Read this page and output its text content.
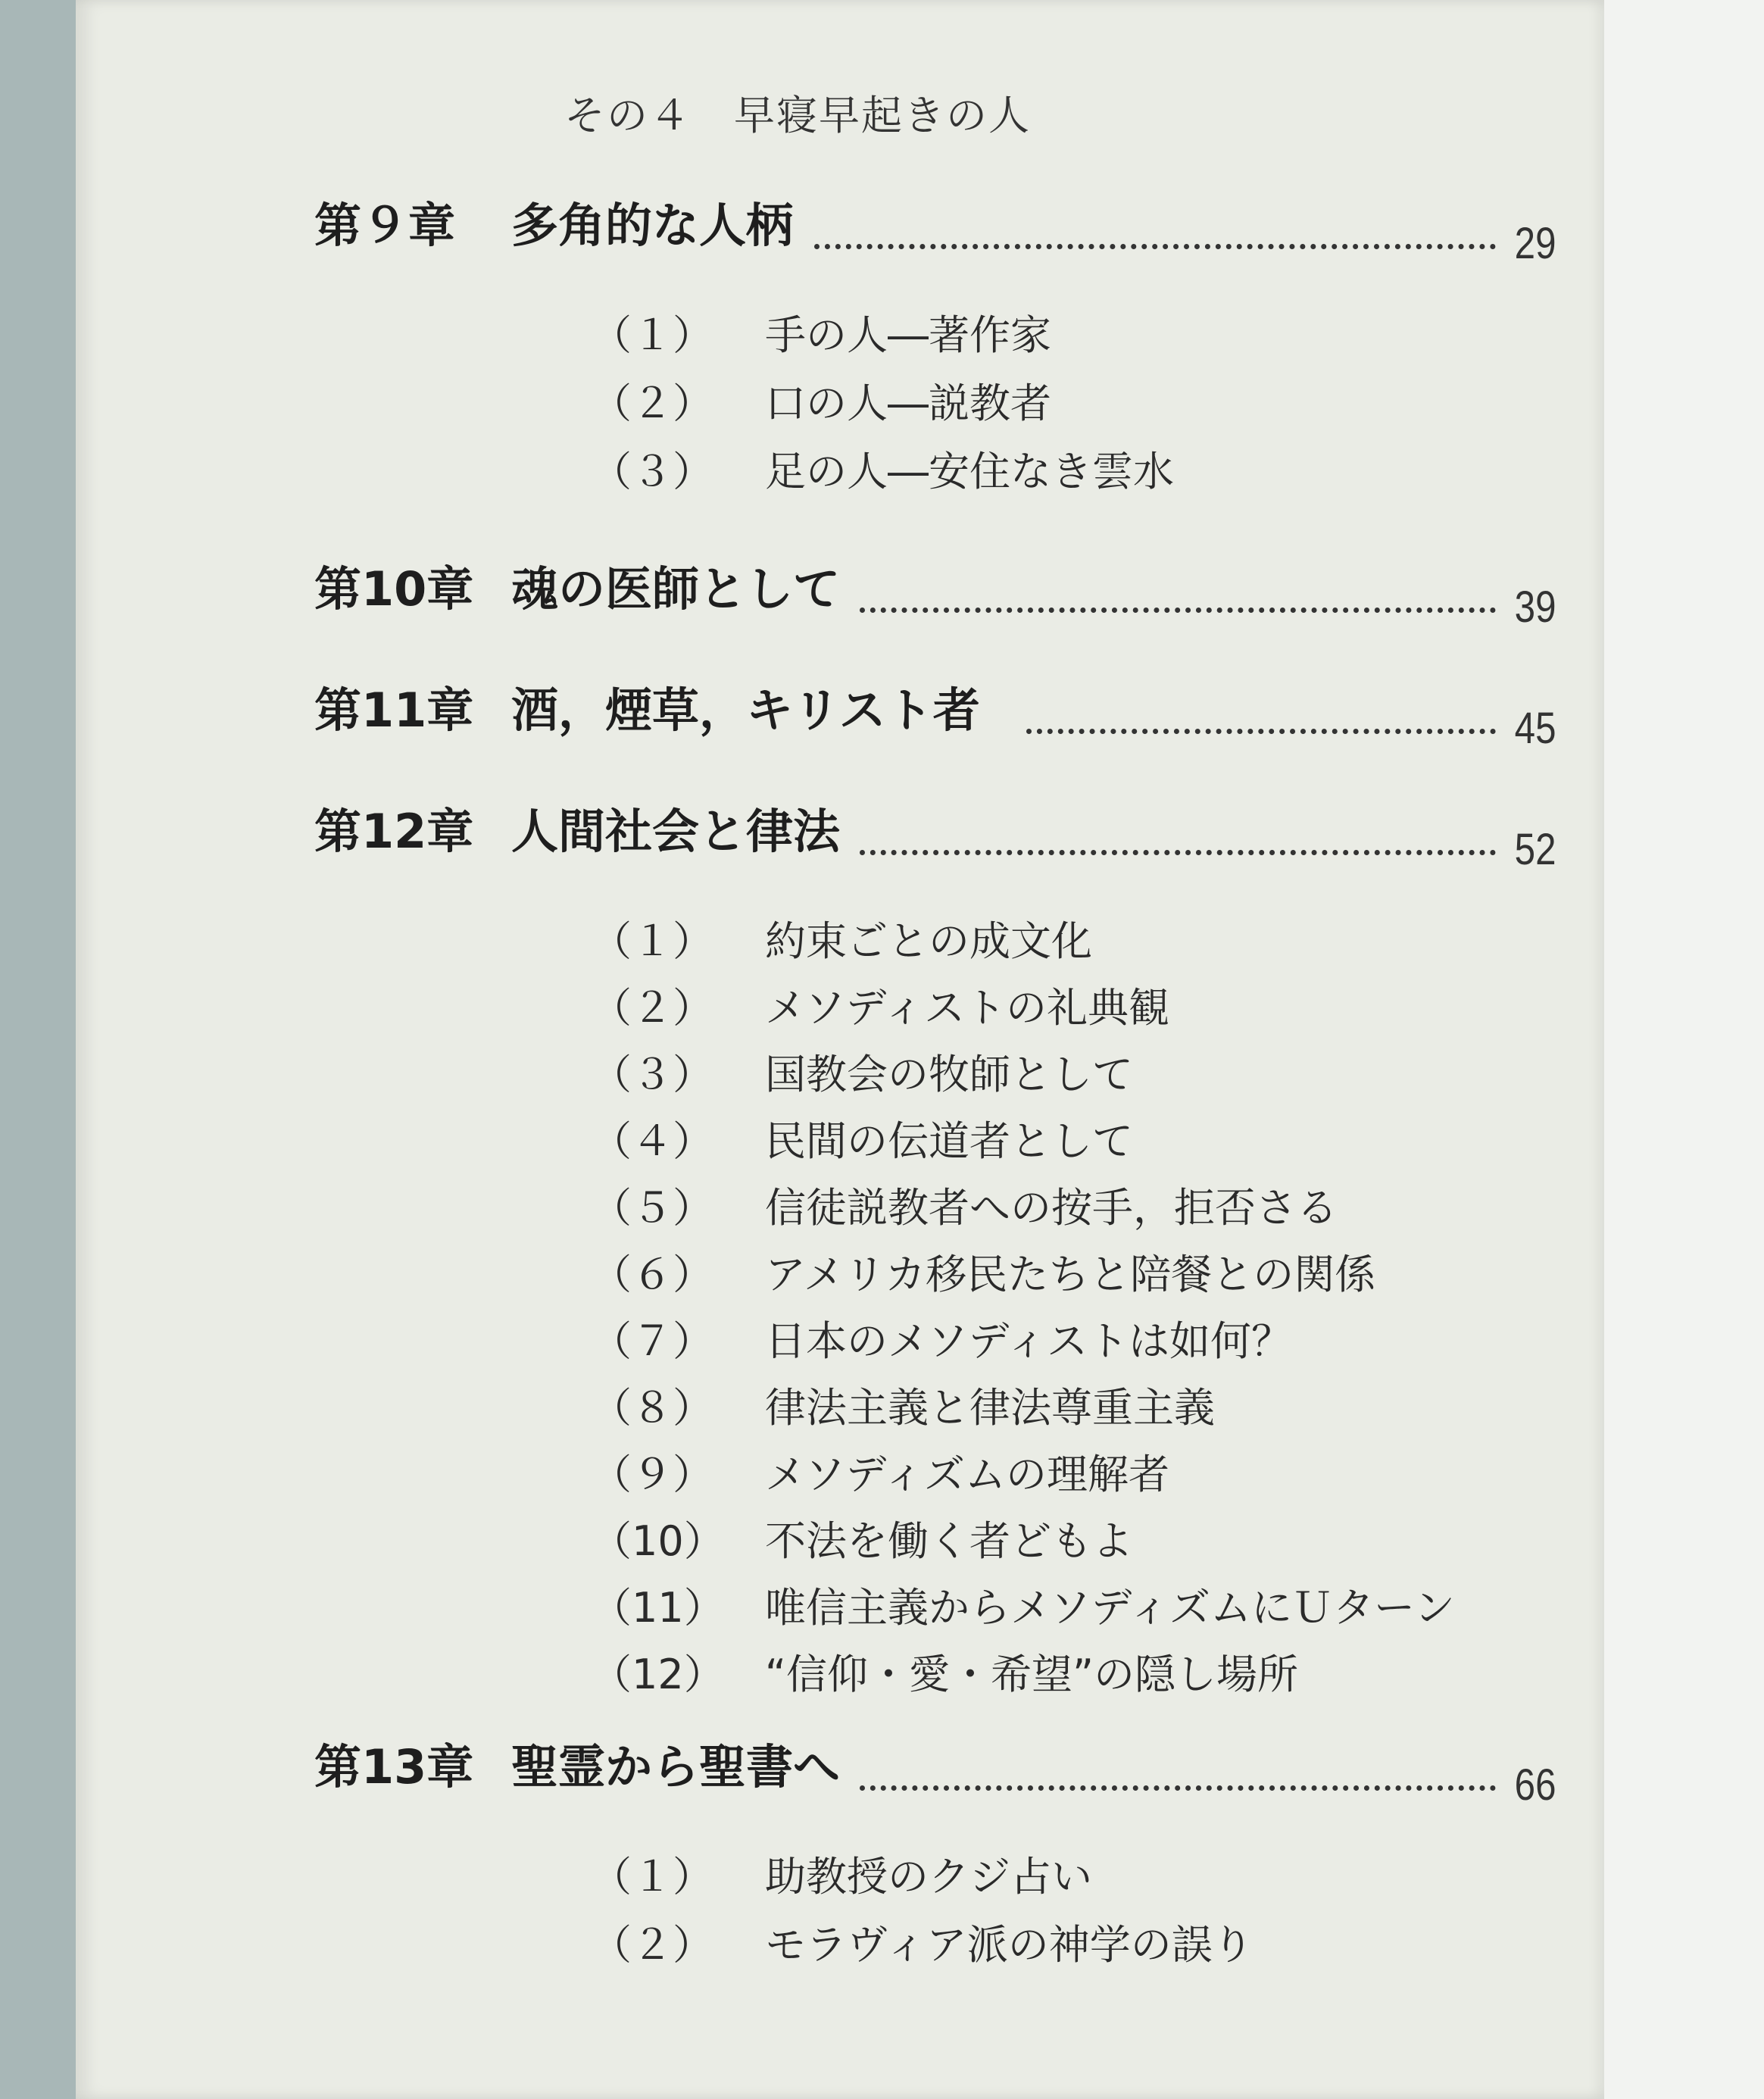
その４　早寝早起きの人
第９章 多角的な人柄	29
（１） 手の人―著作家
（２） 口の人―説教者
（３） 足の人―安住なき雲水
第10章 魂の医師として	39
第11章 酒，煙草，キリスト者	45
第12章 人間社会と律法	52
（１） 約束ごとの成文化
（２） メソディストの礼典観
（３） 国教会の牧師として
（４） 民間の伝道者として
（５） 信徒説教者への按手，拒否さる
（６） アメリカ移民たちと陪餐との関係
（７） 日本のメソディストは如何？
（８） 律法主義と律法尊重主義
（９） メソディズムの理解者
（10） 不法を働く者どもよ
（11） 唯信主義からメソディズムにＵターン
（12） “信仰・愛・希望”の隠し場所
第13章 聖霊から聖書へ	66
（１） 助教授のクジ占い
（２） モラヴィア派の神学の誤り
